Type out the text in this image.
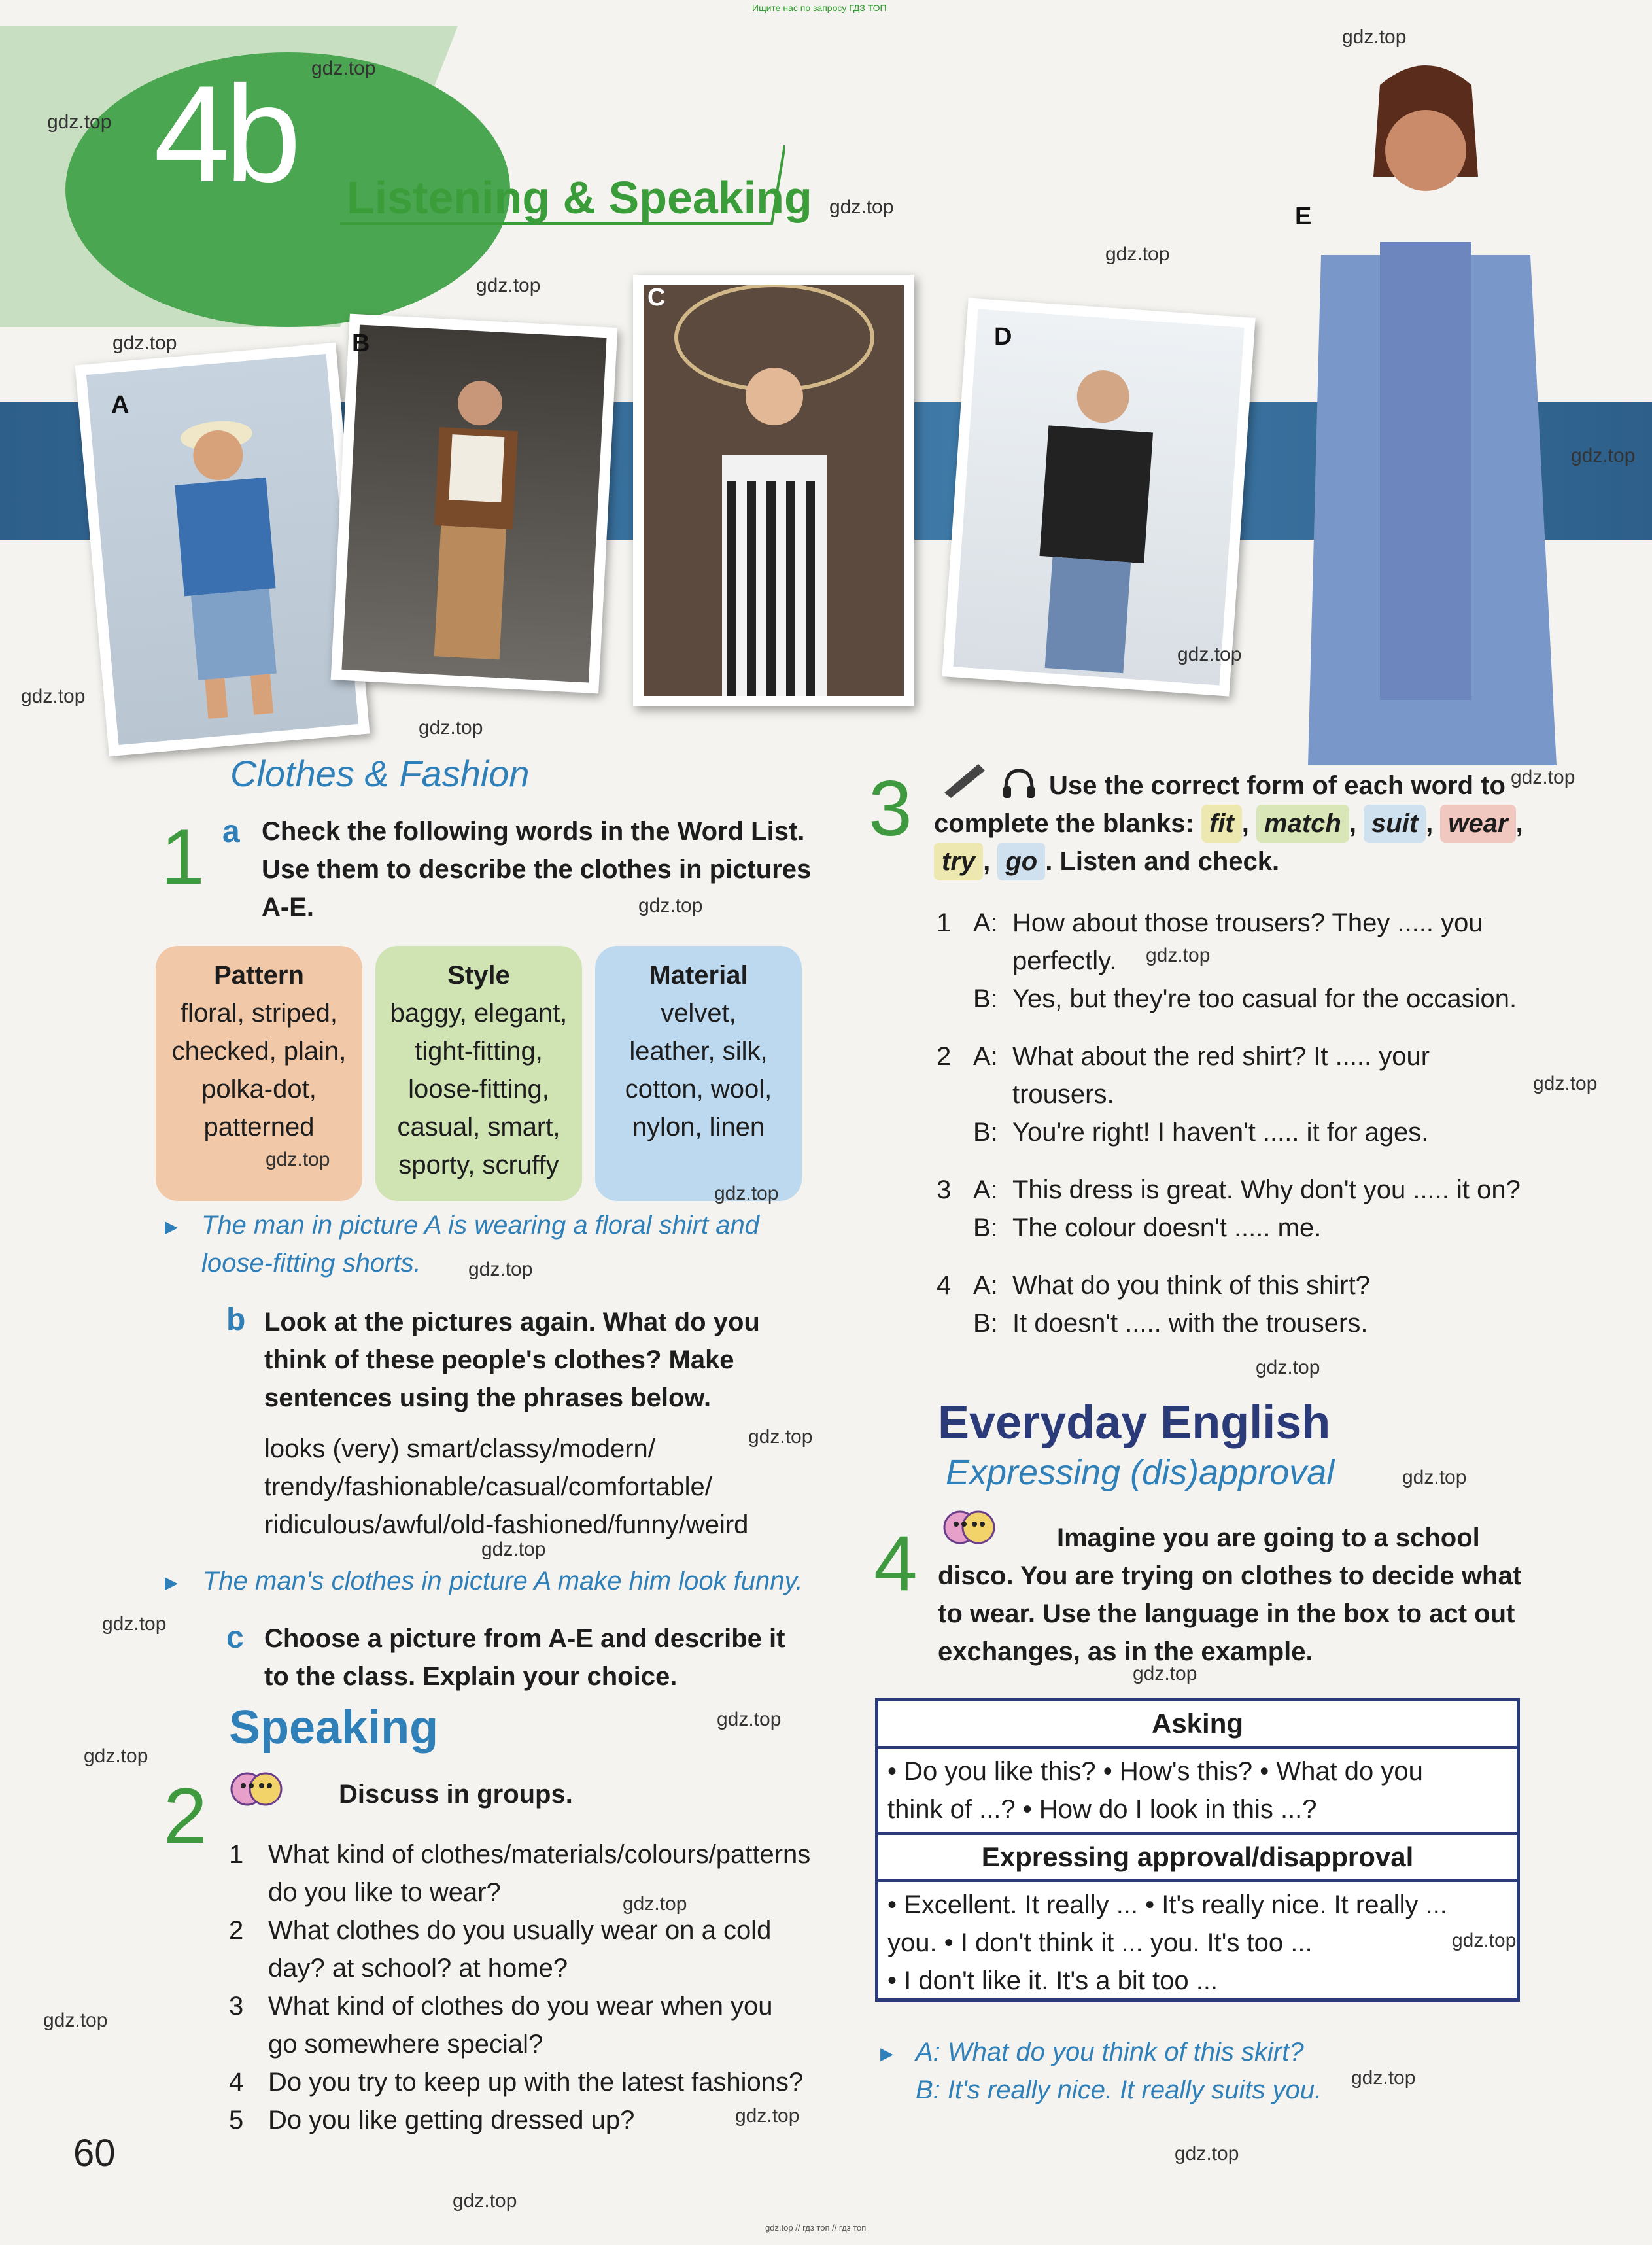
Ищите нас по запросу ГДЗ ТОП
4b Listening & Speaking
A
B
C
D
E
Clothes & Fashion
1 a Check the following words in the Word List.
Use them to describe the clothes in pictures
A-E.
Pattern
floral, striped,
checked, plain,
polka-dot,
patterned
Style
baggy, elegant,
tight-fitting,
loose-fitting,
casual, smart,
sporty, scruffy
Material
velvet,
leather, silk,
cotton, wool,
nylon, linen
▶ The man in picture A is wearing a floral shirt and
loose-fitting shorts.
b Look at the pictures again. What do you
think of these people's clothes? Make
sentences using the phrases below.
looks (very) smart/classy/modern/
trendy/fashionable/casual/comfortable/
ridiculous/awful/old-fashioned/funny/weird
▶ The man's clothes in picture A make him look funny.
c Choose a picture from A-E and describe it
to the class. Explain your choice.
Speaking
2	Discuss in groups.
1 What kind of clothes/materials/colours/patterns
do you like to wear?
2 What clothes do you usually wear on a cold
day? at school? at home?
3 What kind of clothes do you wear when you
go somewhere special?
4 Do you try to keep up with the latest fashions?
5 Do you like getting dressed up?
60
3	Use the correct form of each word to
complete the blanks: fit , match , suit , wear ,
try , go . Listen and check.
1 A: How about those trousers? They ..... you
perfectly.
B: Yes, but they're too casual for the occasion.
2 A: What about the red shirt? It ..... your
trousers.
B: You're right! I haven't ..... it for ages.
3 A: This dress is great. Why don't you ..... it on?
B: The colour doesn't ..... me.
4 A: What do you think of this shirt?
B: It doesn't ..... with the trousers.
Everyday English
Expressing (dis)approval
4	Imagine you are going to a school
disco. You are trying on clothes to decide what
to wear. Use the language in the box to act out
exchanges, as in the example.
Asking
• Do you like this? • How's this? • What do you
think of ...? • How do I look in this ...?
Expressing approval/disapproval
• Excellent. It really ... • It's really nice. It really ...
you. • I don't think it ... you. It's too ...
• I don't like it. It's a bit too ...
▶ A: What do you think of this skirt?
B: It's really nice. It really suits you.
gdz.top
gdz.top
gdz.top
gdz.top
gdz.top
gdz.top
gdz.top
gdz.top
gdz.top
gdz.top
gdz.top
gdz.top
gdz.top
gdz.top
gdz.top
gdz.top
gdz.top
gdz.top
gdz.top
gdz.top
gdz.top
gdz.top
gdz.top
gdz.top
gdz.top
gdz.top
gdz.top
gdz.top
gdz.top
gdz.top
gdz.top
gdz.top
gdz.top
gdz.top // гдз топ // гдз топ
